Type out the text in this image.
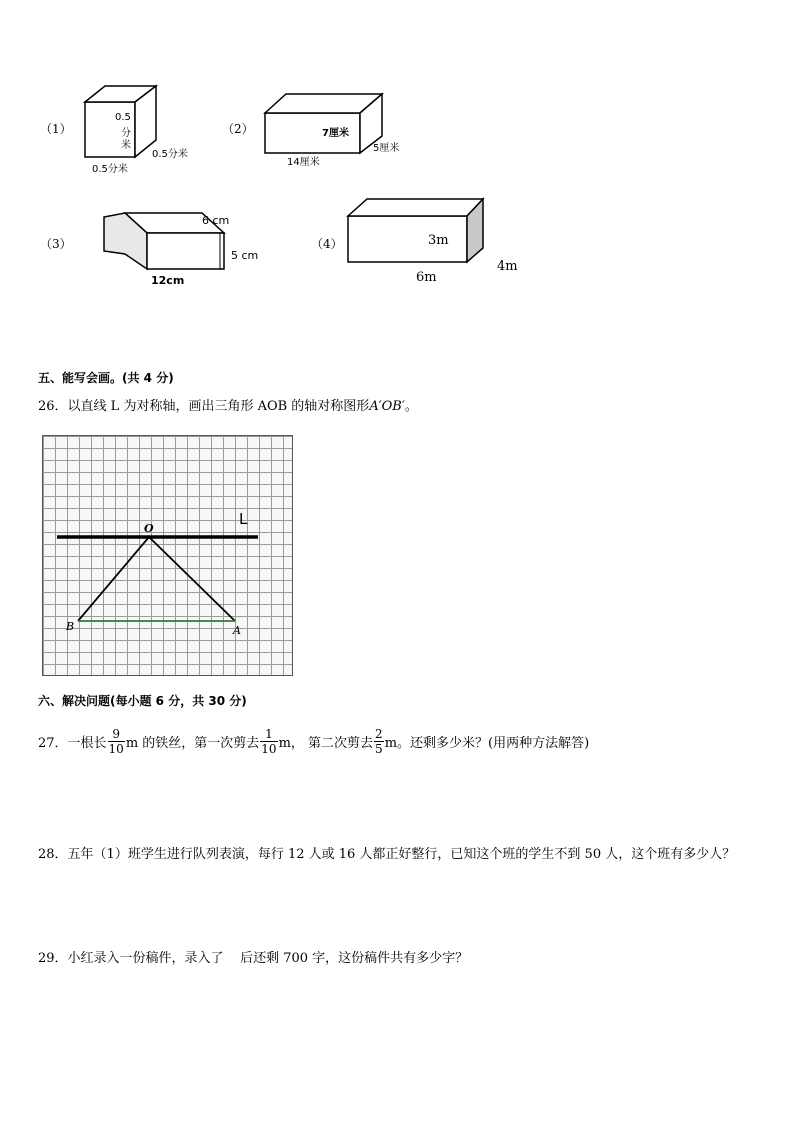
（1）
0.5
分
米
0.5分米
0.5分米
（2）	7厘米
5厘米
14厘米
（3）
6 cm
5 cm
12cm
（4）	3m
4m
6m
五、能写会画。(共 4 分)
26．以直线 L 为对称轴，画出三角形 AOB 的轴对称图形A′OB′。
L
O
B	A
六、解决问题(每小题 6 分，共 30 分)
27．一根长 $\frac{9}{10}$ m 的铁丝，第一次剪去 $\frac{1}{10}$ m， 第二次剪去 $\frac{2}{5}$ m。还剩多少米？(用两种方法解答)
28．五年（1）班学生进行队列表演，每行 12 人或 16 人都正好整行，已知这个班的学生不到 50 人，这个班有多少人？
29．小红录入一份稿件，录入了    后还剩 700 字，这份稿件共有多少字？
